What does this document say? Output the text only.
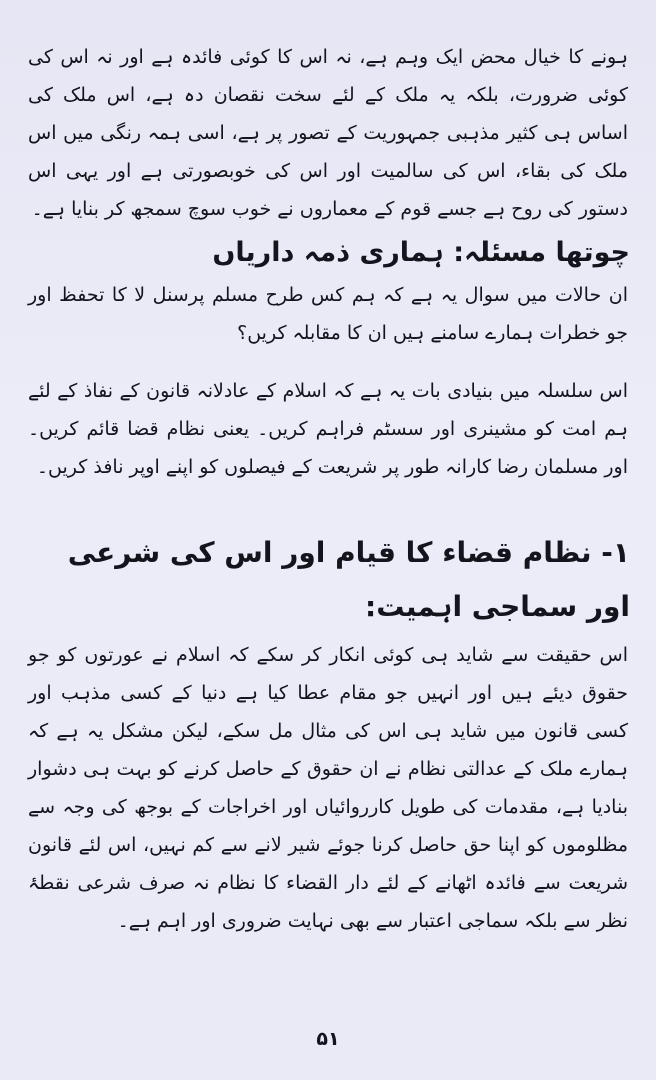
ہونے کا خیال محض ایک وہم ہے، نہ اس کا کوئی فائدہ ہے اور نہ اس کی کوئی ضرورت، بلکہ یہ ملک کے لئے سخت نقصان دہ ہے، اس ملک کی اساس ہی کثیر مذہبی جمہوریت کے تصور پر ہے، اسی ہمہ رنگی میں اس ملک کی بقاء، اس کی سالمیت اور اس کی خوبصورتی ہے اور یہی اس دستور کی روح ہے جسے قوم کے معماروں نے خوب سوچ سمجھ کر بنایا ہے۔

چوتھا مسئلہ: ہماری ذمہ داریاں

ان حالات میں سوال یہ ہے کہ ہم کس طرح مسلم پرسنل لا کا تحفظ اور جو خطرات ہمارے سامنے ہیں ان کا مقابلہ کریں؟

اس سلسلہ میں بنیادی بات یہ ہے کہ اسلام کے عادلانہ قانون کے نفاذ کے لئے ہم امت کو مشینری اور سسٹم فراہم کریں۔ یعنی نظام قضا قائم کریں۔ اور مسلمان رضا کارانہ طور پر شریعت کے فیصلوں کو اپنے اوپر نافذ کریں۔

۱- نظام قضاء کا قیام اور اس کی شرعی اور سماجی اہمیت:

اس حقیقت سے شاید ہی کوئی انکار کر سکے کہ اسلام نے عورتوں کو جو حقوق دیئے ہیں اور انہیں جو مقام عطا کیا ہے دنیا کے کسی مذہب اور کسی قانون میں شاید ہی اس کی مثال مل سکے، لیکن مشکل یہ ہے کہ ہمارے ملک کے عدالتی نظام نے ان حقوق کے حاصل کرنے کو بہت ہی دشوار بنادیا ہے، مقدمات کی طویل کارروائیاں اور اخراجات کے بوجھ کی وجہ سے مظلوموں کو اپنا حق حاصل کرنا جوئے شیر لانے سے کم نہیں، اس لئے قانون شریعت سے فائدہ اٹھانے کے لئے دار القضاء کا نظام نہ صرف شرعی نقطۂ نظر سے بلکہ سماجی اعتبار سے بھی نہایت ضروری اور اہم ہے۔

۵۱
